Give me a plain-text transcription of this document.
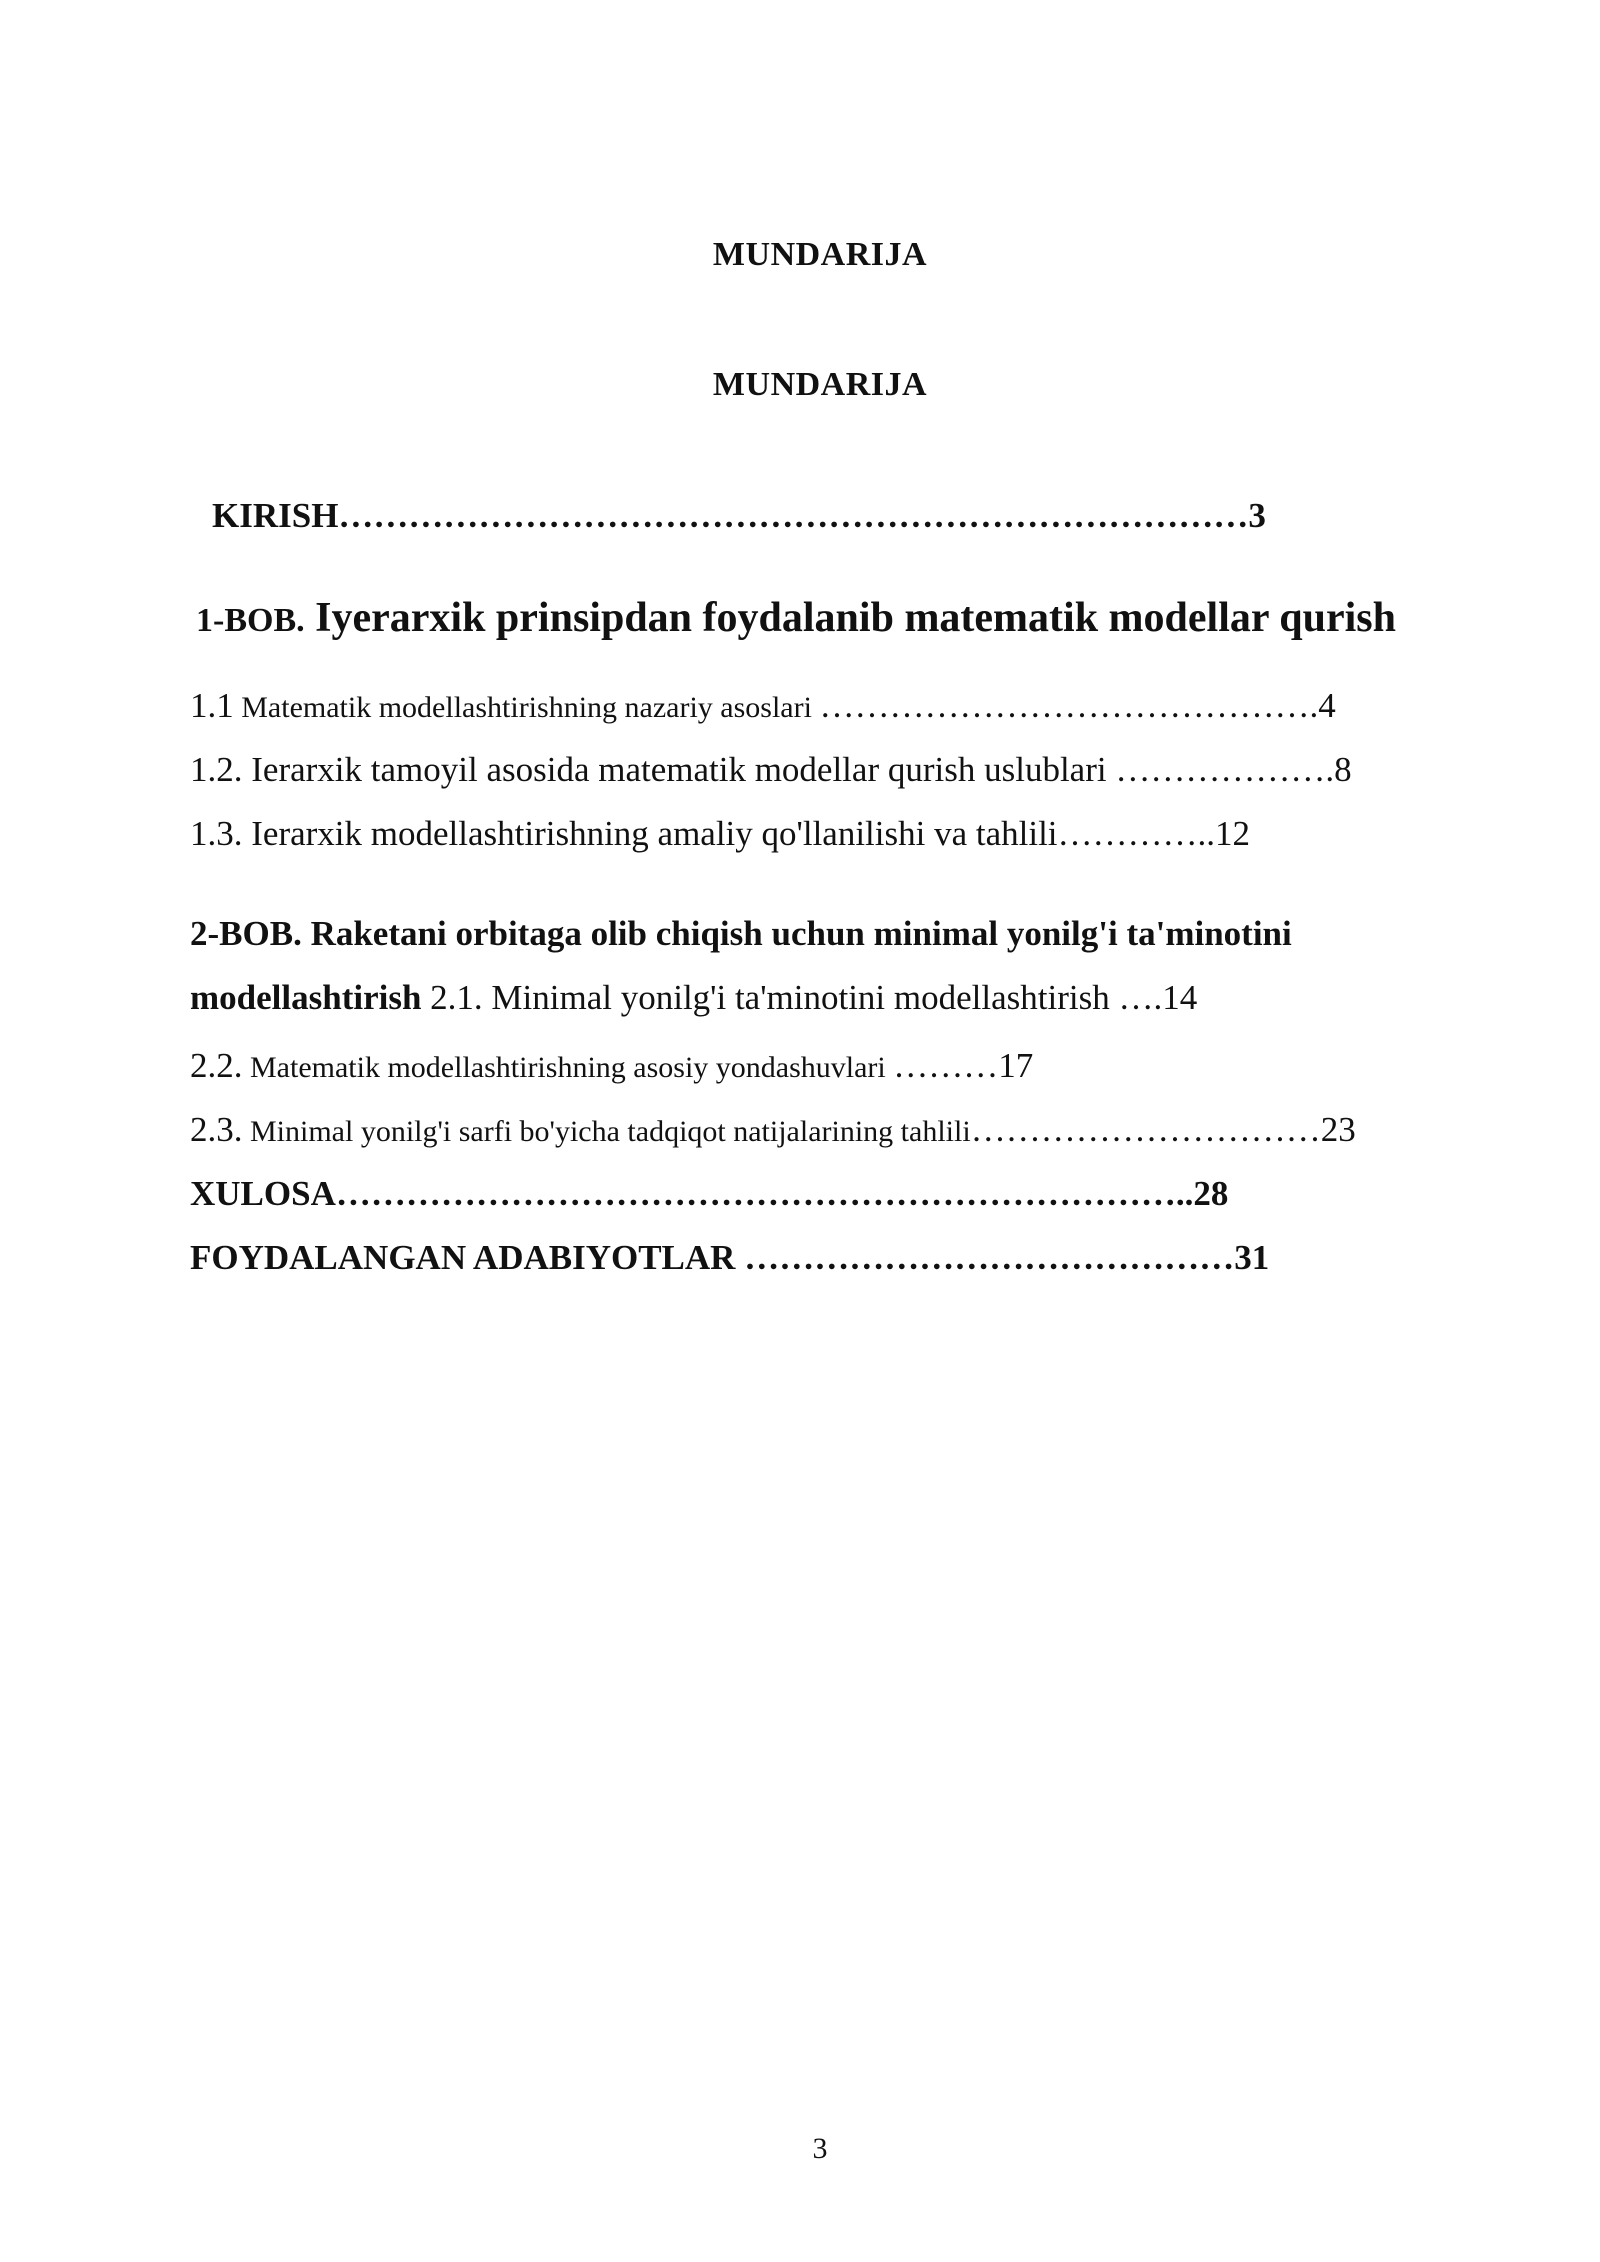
MUNDARIJA
MUNDARIJA
KIRISH……………………………………………………………………3
1-BOB. Iyerarxik prinsipdan foydalanib matematik modellar qurish
1.1 Matematik modellashtirishning nazariy asoslari …………………………………….4
1.2. Ierarxik tamoyil asosida matematik modellar qurish uslublari ……………….8
1.3. Ierarxik modellashtirishning amaliy qo'llanilishi va tahlili…………..12
2-BOB. Raketani orbitaga olib chiqish uchun minimal yonilg'i ta'minotini
modellashtirish 2.1. Minimal yonilg'i ta'minotini modellashtirish ….14
2.2. Matematik modellashtirishning asosiy yondashuvlari ………17
2.3. Minimal yonilg'i sarfi bo'yicha tadqiqot natijalarining tahlili…………………………23
XULOSA………………………………………………………………..28
FOYDALANGAN ADABIYOTLAR ……………………………………31
3
